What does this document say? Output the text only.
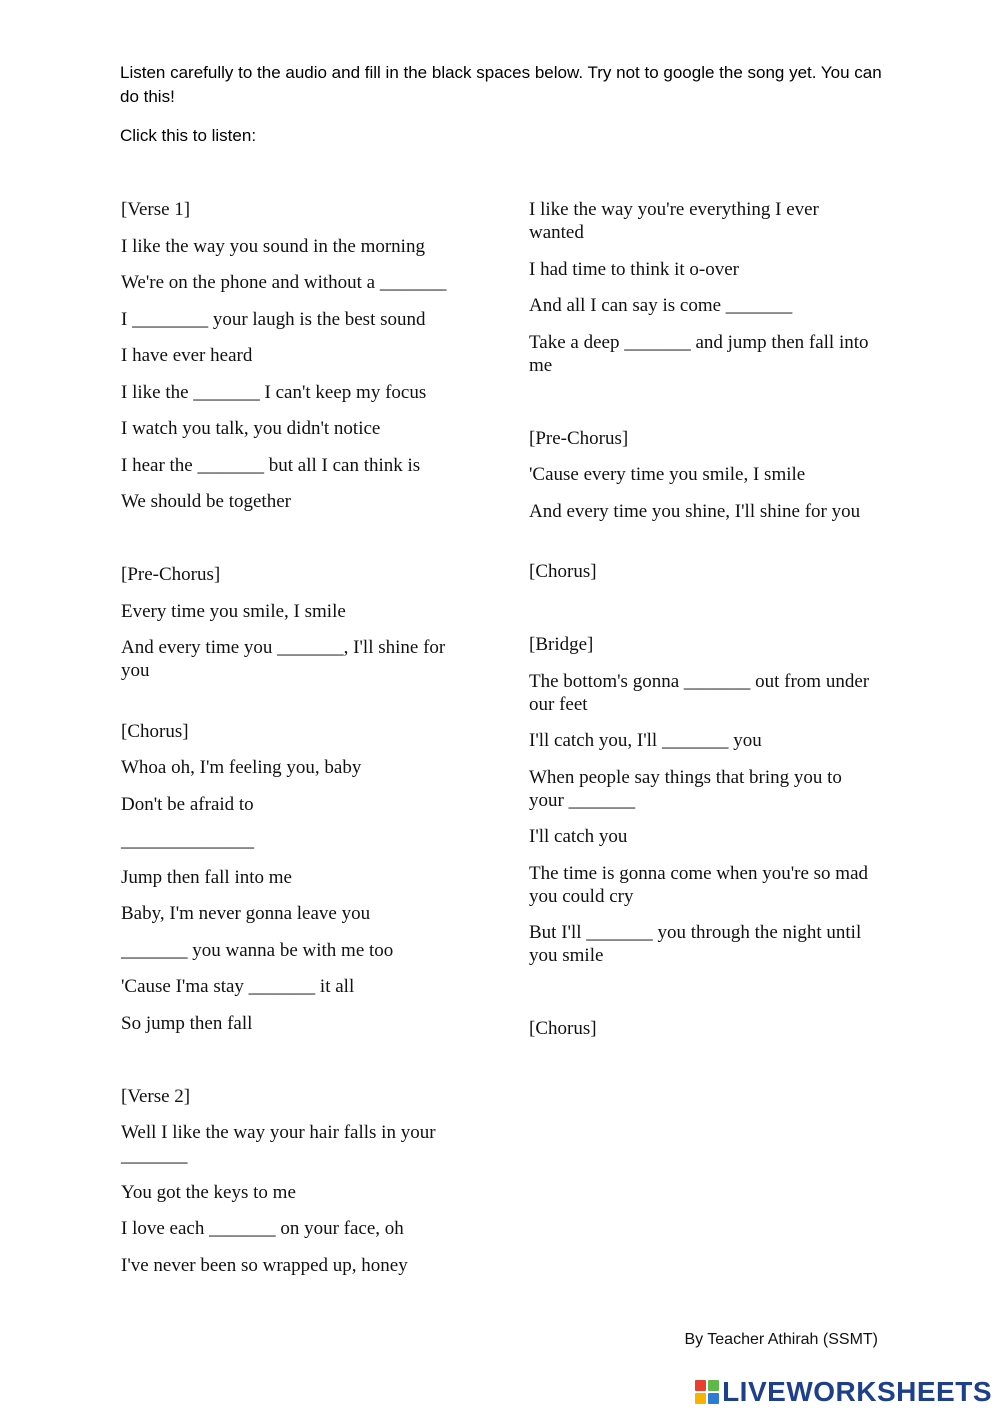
Listen carefully to the audio and fill in the black spaces below. Try not to google the song yet. You can do this!
Click this to listen:
[Verse 1]
I like the way you sound in the morning
We're on the phone and without a _______
I ________ your laugh is the best sound
I have ever heard
I like the _______ I can't keep my focus
I watch you talk, you didn't notice
I hear the _______ but all I can think is
We should be together
[Pre-Chorus]
Every time you smile, I smile
And every time you _______, I'll shine for you
[Chorus]
Whoa oh, I'm feeling you, baby
Don't be afraid to
______________
Jump then fall into me
Baby, I'm never gonna leave you
_______ you wanna be with me too
'Cause I'ma stay _______ it all
So jump then fall
[Verse 2]
Well I like the way your hair falls in your _______
You got the keys to me
I love each _______ on your face, oh
I've never been so wrapped up, honey
I like the way you're everything I ever wanted
I had time to think it o-over
And all I can say is come _______
Take a deep _______ and jump then fall into me
[Pre-Chorus]
'Cause every time you smile, I smile
And every time you shine, I'll shine for you
[Chorus]
[Bridge]
The bottom's gonna _______ out from under our feet
I'll catch you, I'll _______ you
When people say things that bring you to your _______
I'll catch you
The time is gonna come when you're so mad you could cry
But I'll _______ you through the night until you smile
[Chorus]
By Teacher Athirah (SSMT)
LIVEWORKSHEETS
